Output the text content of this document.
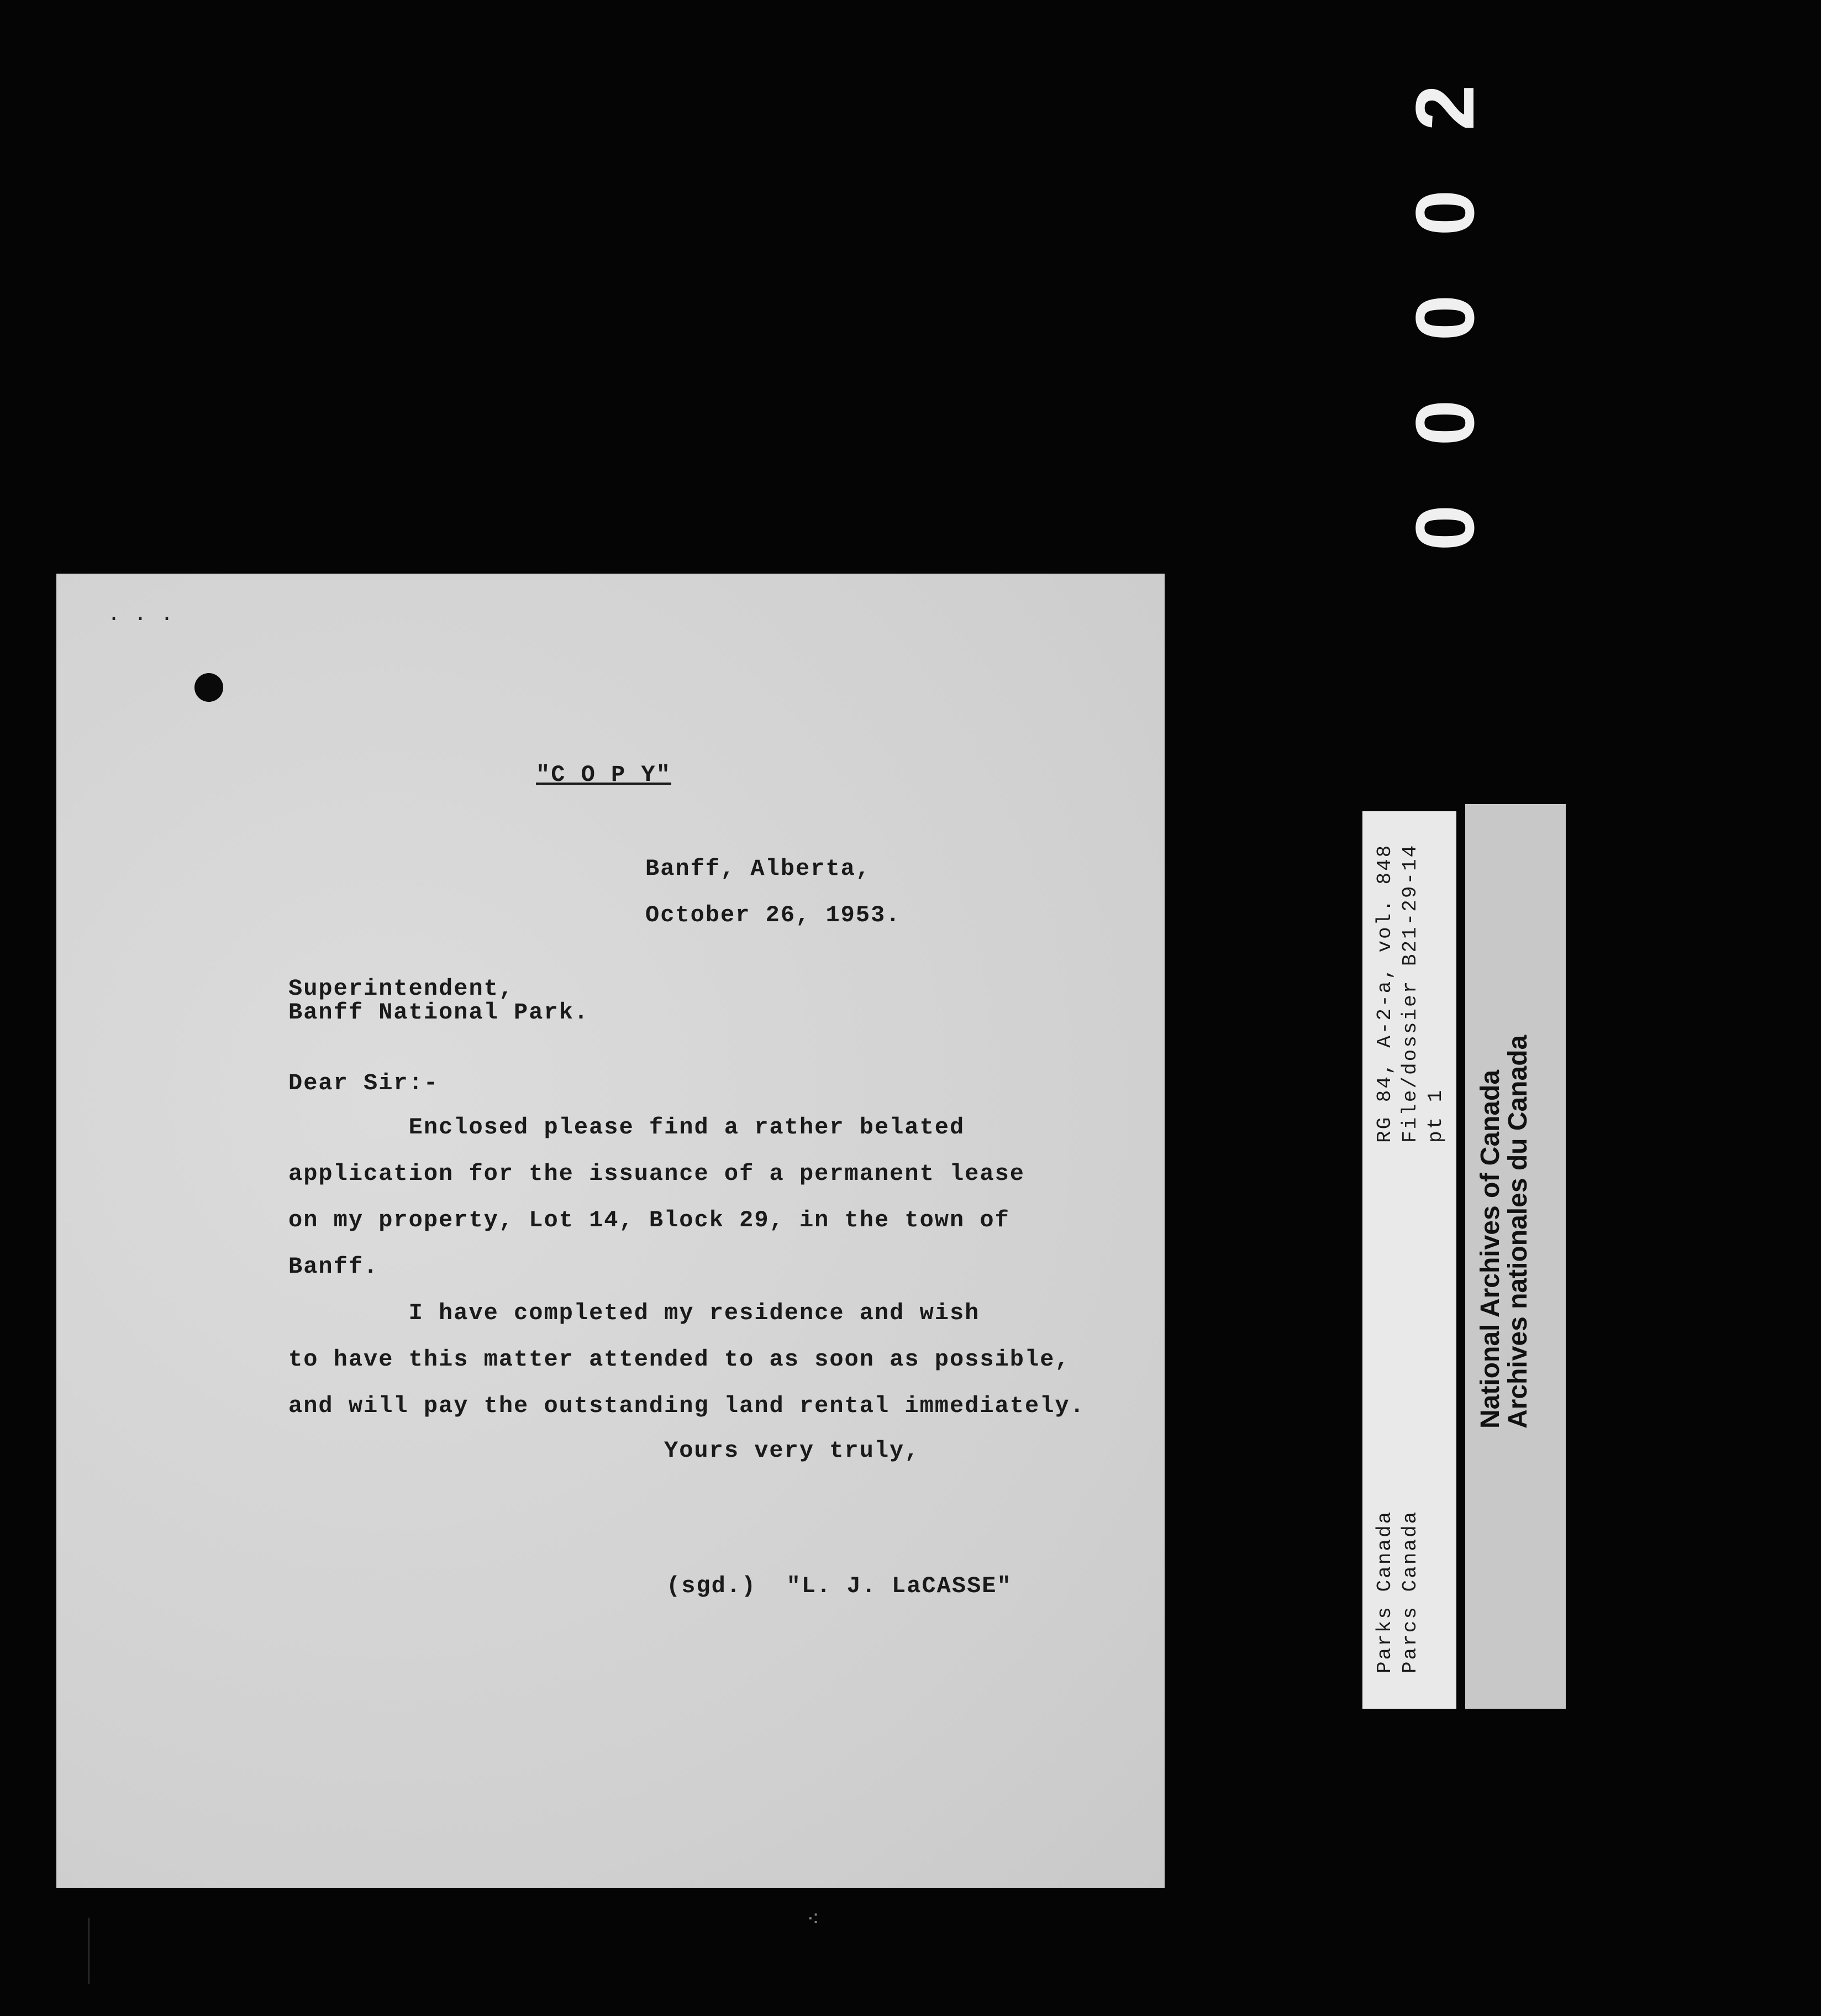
2
0
0
0
0
· · ·
"C O P Y"
Banff, Alberta,
October 26, 1953.
Superintendent,
Banff National Park.
Dear Sir:-
Enclosed please find a rather belated
application for the issuance of a permanent lease
on my property, Lot 14, Block 29, in the town of
Banff.
I have completed my residence and wish
to have this matter attended to as soon as possible,
and will pay the outstanding land rental immediately.
Yours very truly,
(sgd.)  "L. J. LaCASSE"
RG 84, A-2-a, vol. 848 File/dossier B21-29-14 pt 1
Parks Canada Parcs Canada
National Archives of Canada
Archives nationales du Canada
⁖
